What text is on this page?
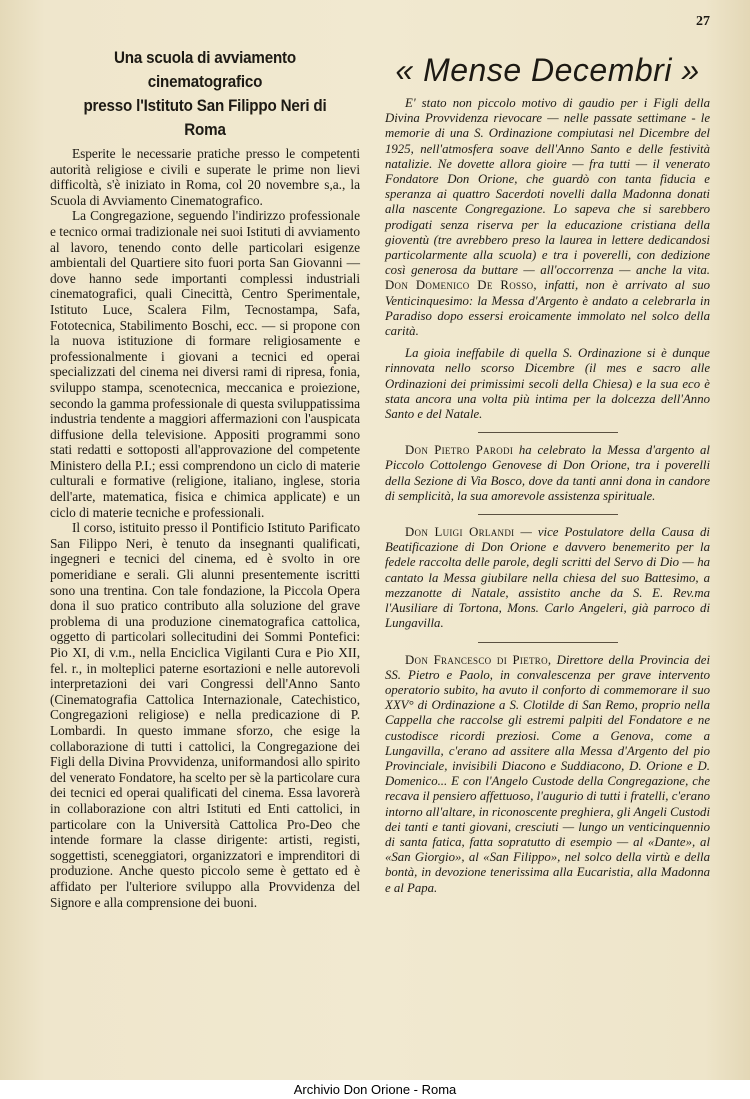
27
Una scuola di avviamento cinematografico
presso l'Istituto San Filippo Neri di Roma

Esperite le necessarie pratiche presso le competenti autorità religiose e civili e superate le prime non lievi difficoltà, s'è iniziato in Roma, col 20 novembre s,a., la Scuola di Avviamento Cinematografico.

La Congregazione, seguendo l'indirizzo professionale e tecnico ormai tradizionale nei suoi Istituti di avviamento al lavoro, tenendo conto delle particolari esigenze ambientali del Quartiere sito fuori porta San Giovanni — dove hanno sede importanti complessi industriali cinematografici, quali Cinecittà, Centro Sperimentale, Istituto Luce, Scalera Film, Tecnostampa, Safa, Fototecnica, Stabilimento Boschi, ecc. — si propone con la nuova istituzione di formare religiosamente e professionalmente i giovani a tecnici ed operai specializzati del cinema nei diversi rami di ripresa, fonia, sviluppo stampa, scenotecnica, meccanica e proiezione, secondo la gamma professionale di questa sviluppatissima industria tendente a maggiori affermazioni con l'auspicata diffusione della televisione. Appositi programmi sono stati redatti e sottoposti all'approvazione del competente Ministero della P.I.; essi comprendono un ciclo di materie culturali e formative (religione, italiano, inglese, storia dell'arte, matematica, fisica e chimica applicate) e un ciclo di materie tecniche e professionali.

Il corso, istituito presso il Pontificio Istituto Parificato San Filippo Neri, è tenuto da insegnanti qualificati, ingegneri e tecnici del cinema, ed è svolto in ore pomeridiane e serali. Gli alunni presentemente iscritti sono una trentina. Con tale fondazione, la Piccola Opera dona il suo pratico contributo alla soluzione del grave problema di una produzione cinematografica cattolica, oggetto di particolari sollecitudini dei Sommi Pontefici: Pio XI, di v.m., nella Enciclica Vigilanti Cura e Pio XII, fel. r., in molteplici paterne esortazioni e nelle autorevoli interpretazioni dei vari Congressi dell'Anno Santo (Cinematografia Cattolica Internazionale, Catechistico, Congregazioni religiose) e nella predicazione di P. Lombardi. In questo immane sforzo, che esige la collaborazione di tutti i cattolici, la Congregazione dei Figli della Divina Provvidenza, uniformandosi allo spirito del venerato Fondatore, ha scelto per sè la particolare cura dei tecnici ed operai qualificati del cinema. Essa lavorerà in collaborazione con altri Istituti ed Enti cattolici, in particolare con la Università Cattolica Pro-Deo che intende formare la classe dirigente: artisti, registi, soggettisti, sceneggiatori, organizzatori e imprenditori di produzione. Anche questo piccolo seme è gettato ed è affidato per l'ulteriore sviluppo alla Provvidenza del Signore e alla comprensione dei buoni.

« Mense Decembri »

E' stato non piccolo motivo di gaudio per i Figli della Divina Provvidenza rievocare — nelle passate settimane - le memorie di una S. Ordinazione compiutasi nel Dicembre del 1925, nell'atmosfera soave dell'Anno Santo e delle festività natalizie. Ne dovette allora gioire — fra tutti — il venerato Fondatore Don Orione, che guardò con tanta fiducia e speranza ai quattro Sacerdoti novelli dalla Madonna donati alla nascente Congregazione. Lo sapeva che si sarebbero prodigati senza riserva per la educazione cristiana della gioventù (tre avrebbero preso la laurea in lettere dedicandosi particolarmente alla scuola) e tra i poverelli, con dedizione così generosa da buttare — all'occorrenza — anche la vita. Don Domenico De Rosso, infatti, non è arrivato al suo Venticinquesimo: la Messa d'Argento è andato a celebrarla in Paradiso dopo essersi eroicamente immolato nel solco della carità.

La gioia ineffabile di quella S. Ordinazione si è dunque rinnovata nello scorso Dicembre (il mes e sacro alle Ordinazioni dei primissimi secoli della Chiesa) e la sua eco è stata ancora una volta più intima per la dolcezza dell'Anno Santo e del Natale.

Don Pietro Parodi ha celebrato la Messa d'argento al Piccolo Cottolengo Genovese di Don Orione, tra i poverelli della Sezione di Via Bosco, dove da tanti anni dona in candore di semplicità, la sua amorevole assistenza spirituale.

Don Luigi Orlandi — vice Postulatore della Causa di Beatificazione di Don Orione e davvero benemerito per la fedele raccolta delle parole, degli scritti del Servo di Dio — ha cantato la Messa giubilare nella chiesa del suo Battesimo, a mezzanotte di Natale, assistito anche da S. E. Rev.ma l'Ausiliare di Tortona, Mons. Carlo Angeleri, già parroco di Lungavilla.

Don Francesco di Pietro, Direttore della Provincia dei SS. Pietro e Paolo, in convalescenza per grave intervento operatorio subito, ha avuto il conforto di commemorare il suo XXV° di Ordinazione a S. Clotilde di San Remo, proprio nella Cappella che raccolse gli estremi palpiti del Fondatore e ne custodisce ricordi preziosi. Come a Genova, come a Lungavilla, c'erano ad assitere alla Messa d'Argento del pio Provinciale, invisibili Diacono e Suddiacono, D. Orione e D. Domenico... E con l'Angelo Custode della Congregazione, che recava il pensiero affettuoso, l'augurio di tutti i fratelli, c'erano intorno all'altare, in riconoscente preghiera, gli Angeli Custodi dei tanti e tanti giovani, cresciuti — lungo un venticinquennio di santa fatica, fatta sopratutto di esempio — al «Dante», al «San Giorgio», al «San Filippo», nel solco della virtù e della bontà, in devozione tenerissima alla Eucaristia, alla Madonna e al Papa.

Archivio Don Orione - Roma
